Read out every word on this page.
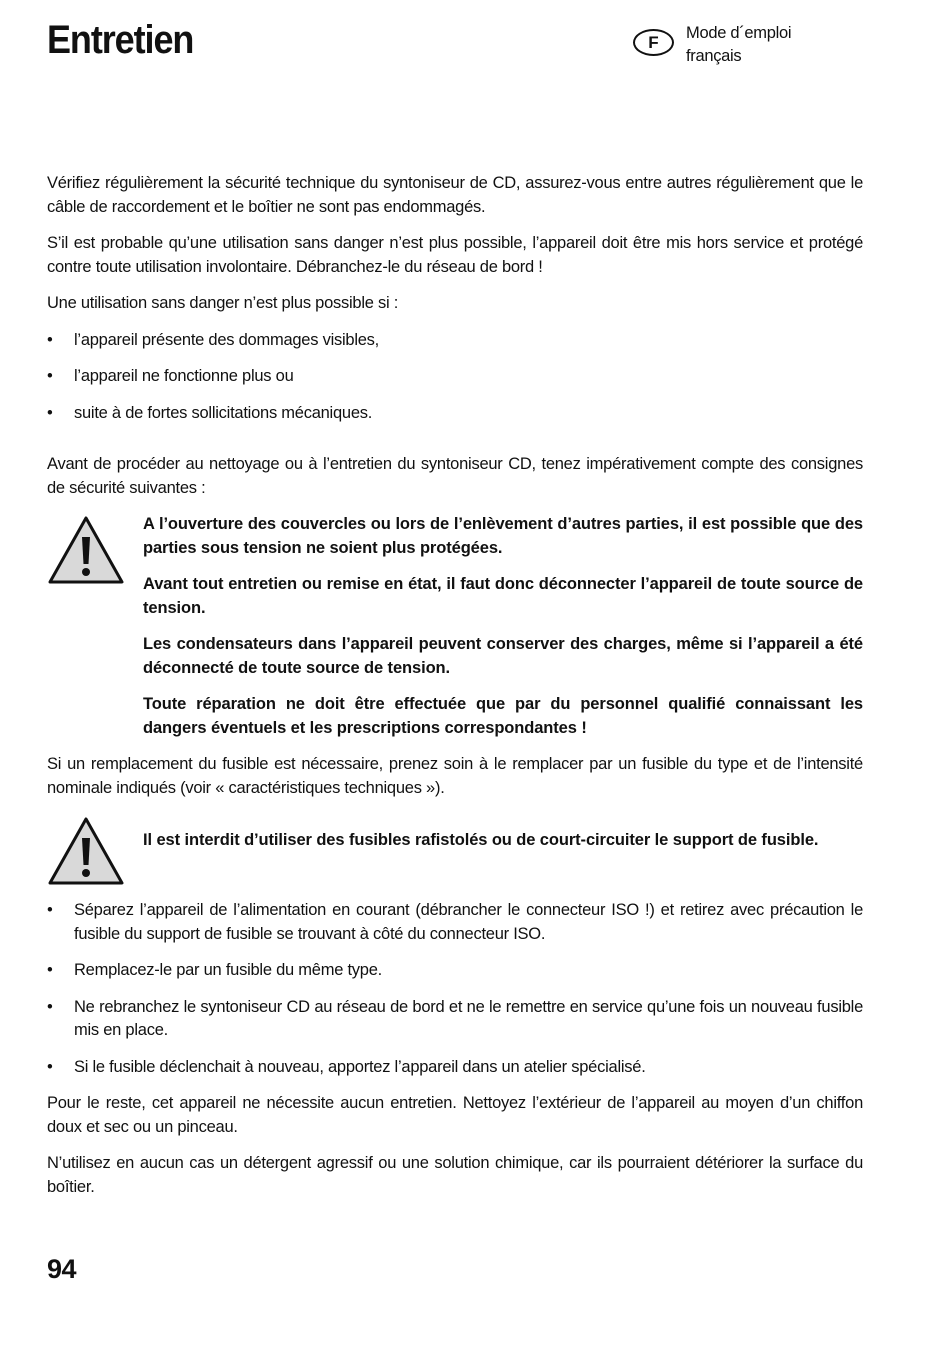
Entretien	F	Mode d´emploi
français

Vérifiez régulièrement la sécurité technique du syntoniseur de CD, assurez-vous entre autres régulièrement que le câble de raccordement et le boîtier ne sont pas endommagés.

S’il est probable qu’une utilisation sans danger n’est plus possible, l’appareil doit être mis hors service et protégé contre toute utilisation involontaire. Débranchez-le du réseau de bord !

Une utilisation sans danger n’est plus possible si :

• l’appareil présente des dommages visibles,
• l’appareil ne fonctionne plus ou
• suite à de fortes sollicitations mécaniques.

Avant de procéder au nettoyage ou à l’entretien du syntoniseur CD, tenez impérativement compte des consignes de sécurité suivantes :

A l’ouverture des couvercles ou lors de l’enlèvement d’autres parties, il est possible que des parties sous tension ne soient plus protégées.

Avant tout entretien ou remise en état, il faut donc déconnecter l’appareil de toute source de tension.

Les condensateurs dans l’appareil peuvent conserver des charges, même si l’appareil a été déconnecté de toute source de tension.

Toute réparation ne doit être effectuée que par du personnel qualifié connaissant les dangers éventuels et les prescriptions correspondantes !

Si un remplacement du fusible est nécessaire, prenez soin à le remplacer par un fusible du type et de l’intensité nominale indiqués (voir « caractéristiques techniques »).

Il est interdit d’utiliser des fusibles rafistolés ou de court-circuiter le support de fusible.

• Séparez l’appareil de l’alimentation en courant (débrancher le connecteur ISO !) et retirez avec précaution le fusible du support de fusible se trouvant à côté du connecteur ISO.
• Remplacez-le par un fusible du même type.
• Ne rebranchez le syntoniseur CD au réseau de bord et ne le remettre en service qu’une fois un nouveau fusible mis en place.
• Si le fusible déclenchait à nouveau, apportez l’appareil dans un atelier spécialisé.

Pour le reste, cet appareil ne nécessite aucun entretien. Nettoyez l’extérieur de l’appareil au moyen d’un chiffon doux et sec ou un pinceau.

N’utilisez en aucun cas un détergent agressif ou une solution chimique, car ils pourraient détériorer la surface du boîtier.

94
